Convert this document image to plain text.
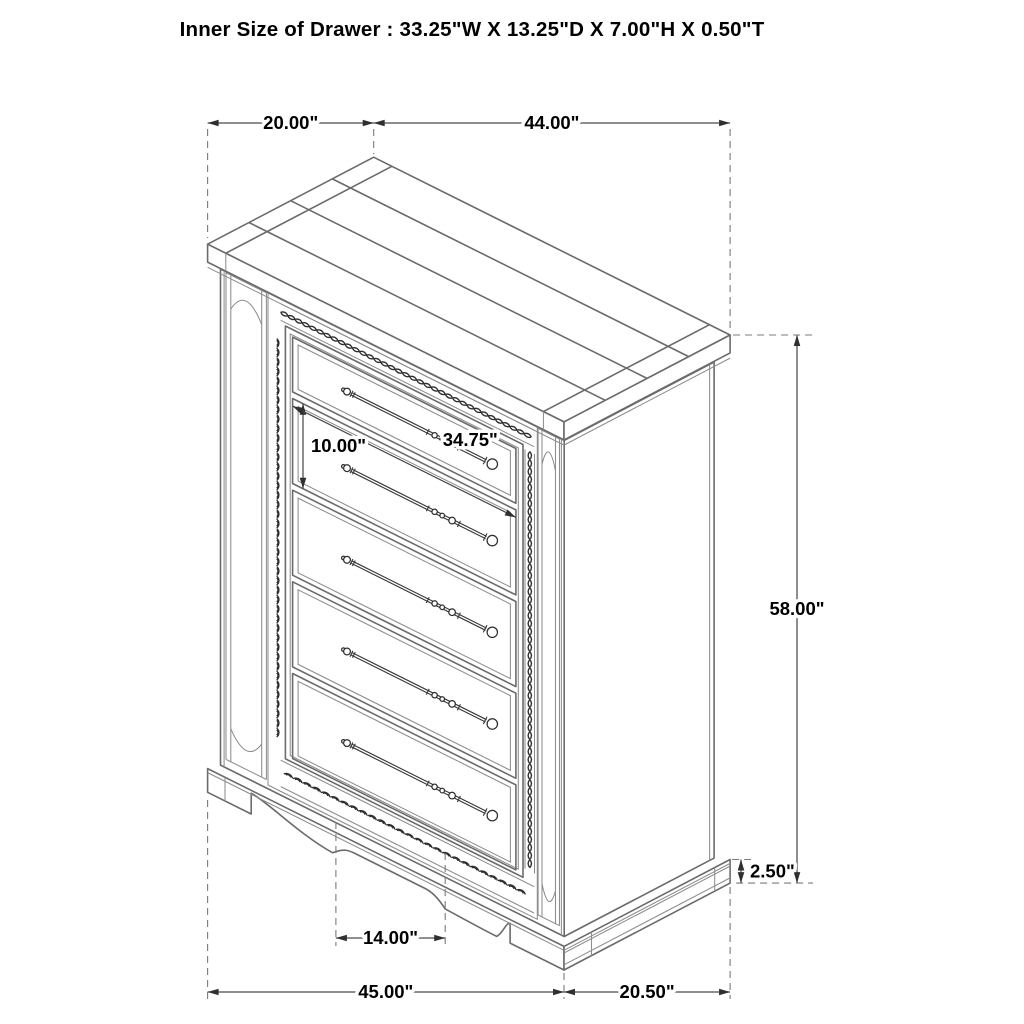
Inner Size of Drawer : 33.25"W X 13.25"D X 7.00"H X 0.50"T
20.00"	44.00"
10.00"	34.75"
58.00"
2.50"
14.00"
45.00"	20.50"
